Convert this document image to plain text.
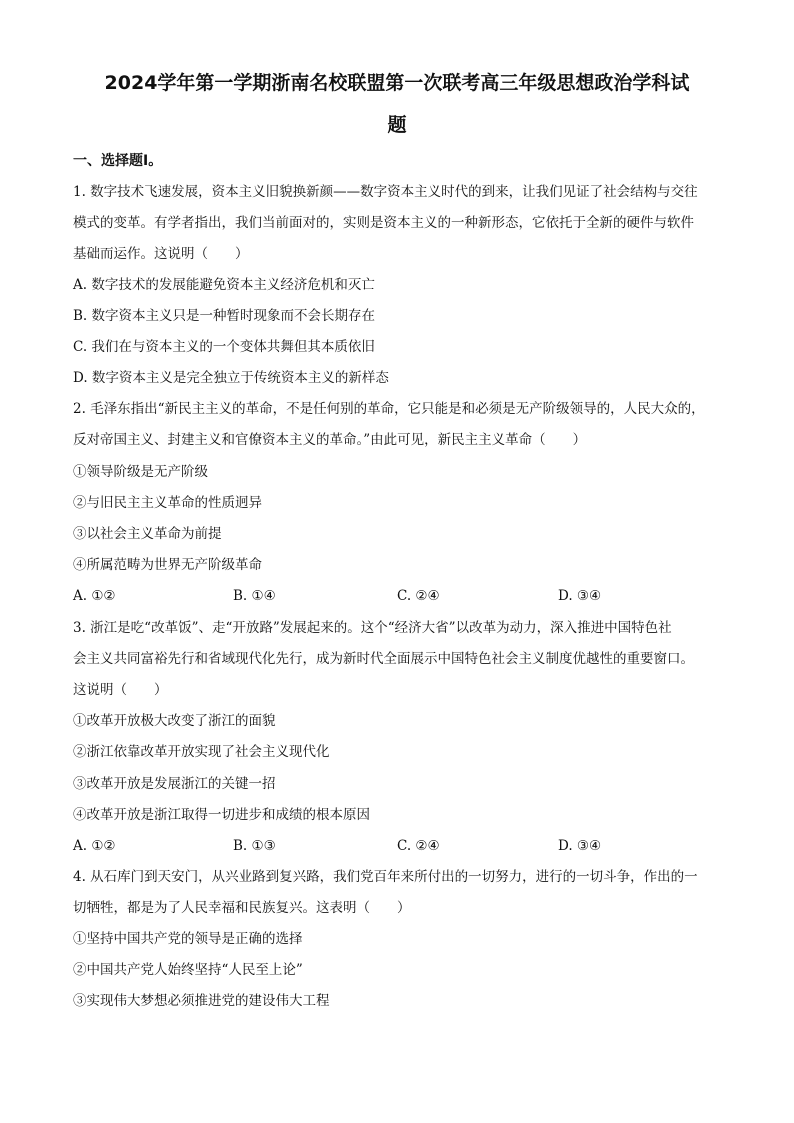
2024学年第一学期浙南名校联盟第一次联考高三年级思想政治学科试
题
一、选择题Ⅰ。
1. 数字技术飞速发展，资本主义旧貌换新颜——数字资本主义时代的到来，让我们见证了社会结构与交往
模式的变革。有学者指出，我们当前面对的，实则是资本主义的一种新形态，它依托于全新的硬件与软件
基础而运作。这说明（　　）
A. 数字技术的发展能避免资本主义经济危机和灭亡
B. 数字资本主义只是一种暂时现象而不会长期存在
C. 我们在与资本主义的一个变体共舞但其本质依旧
D. 数字资本主义是完全独立于传统资本主义的新样态
2. 毛泽东指出“新民主主义的革命，不是任何别的革命，它只能是和必须是无产阶级领导的，人民大众的，
反对帝国主义、封建主义和官僚资本主义的革命。”由此可见，新民主主义革命（　　）
①领导阶级是无产阶级
②与旧民主主义革命的性质迥异
③以社会主义革命为前提
④所属范畴为世界无产阶级革命
A. ①②	B. ①④	C. ②④	D. ③④
3. 浙江是吃“改革饭”、走“开放路”发展起来的。这个“经济大省”以改革为动力，深入推进中国特色社
会主义共同富裕先行和省域现代化先行，成为新时代全面展示中国特色社会主义制度优越性的重要窗口。
这说明（　　）
①改革开放极大改变了浙江的面貌
②浙江依靠改革开放实现了社会主义现代化
③改革开放是发展浙江的关键一招
④改革开放是浙江取得一切进步和成绩的根本原因
A. ①②	B. ①③	C. ②④	D. ③④
4. 从石库门到天安门，从兴业路到复兴路，我们党百年来所付出的一切努力，进行的一切斗争，作出的一
切牺牲，都是为了人民幸福和民族复兴。这表明（　　）
①坚持中国共产党的领导是正确的选择
②中国共产党人始终坚持“人民至上论”
③实现伟大梦想必须推进党的建设伟大工程
